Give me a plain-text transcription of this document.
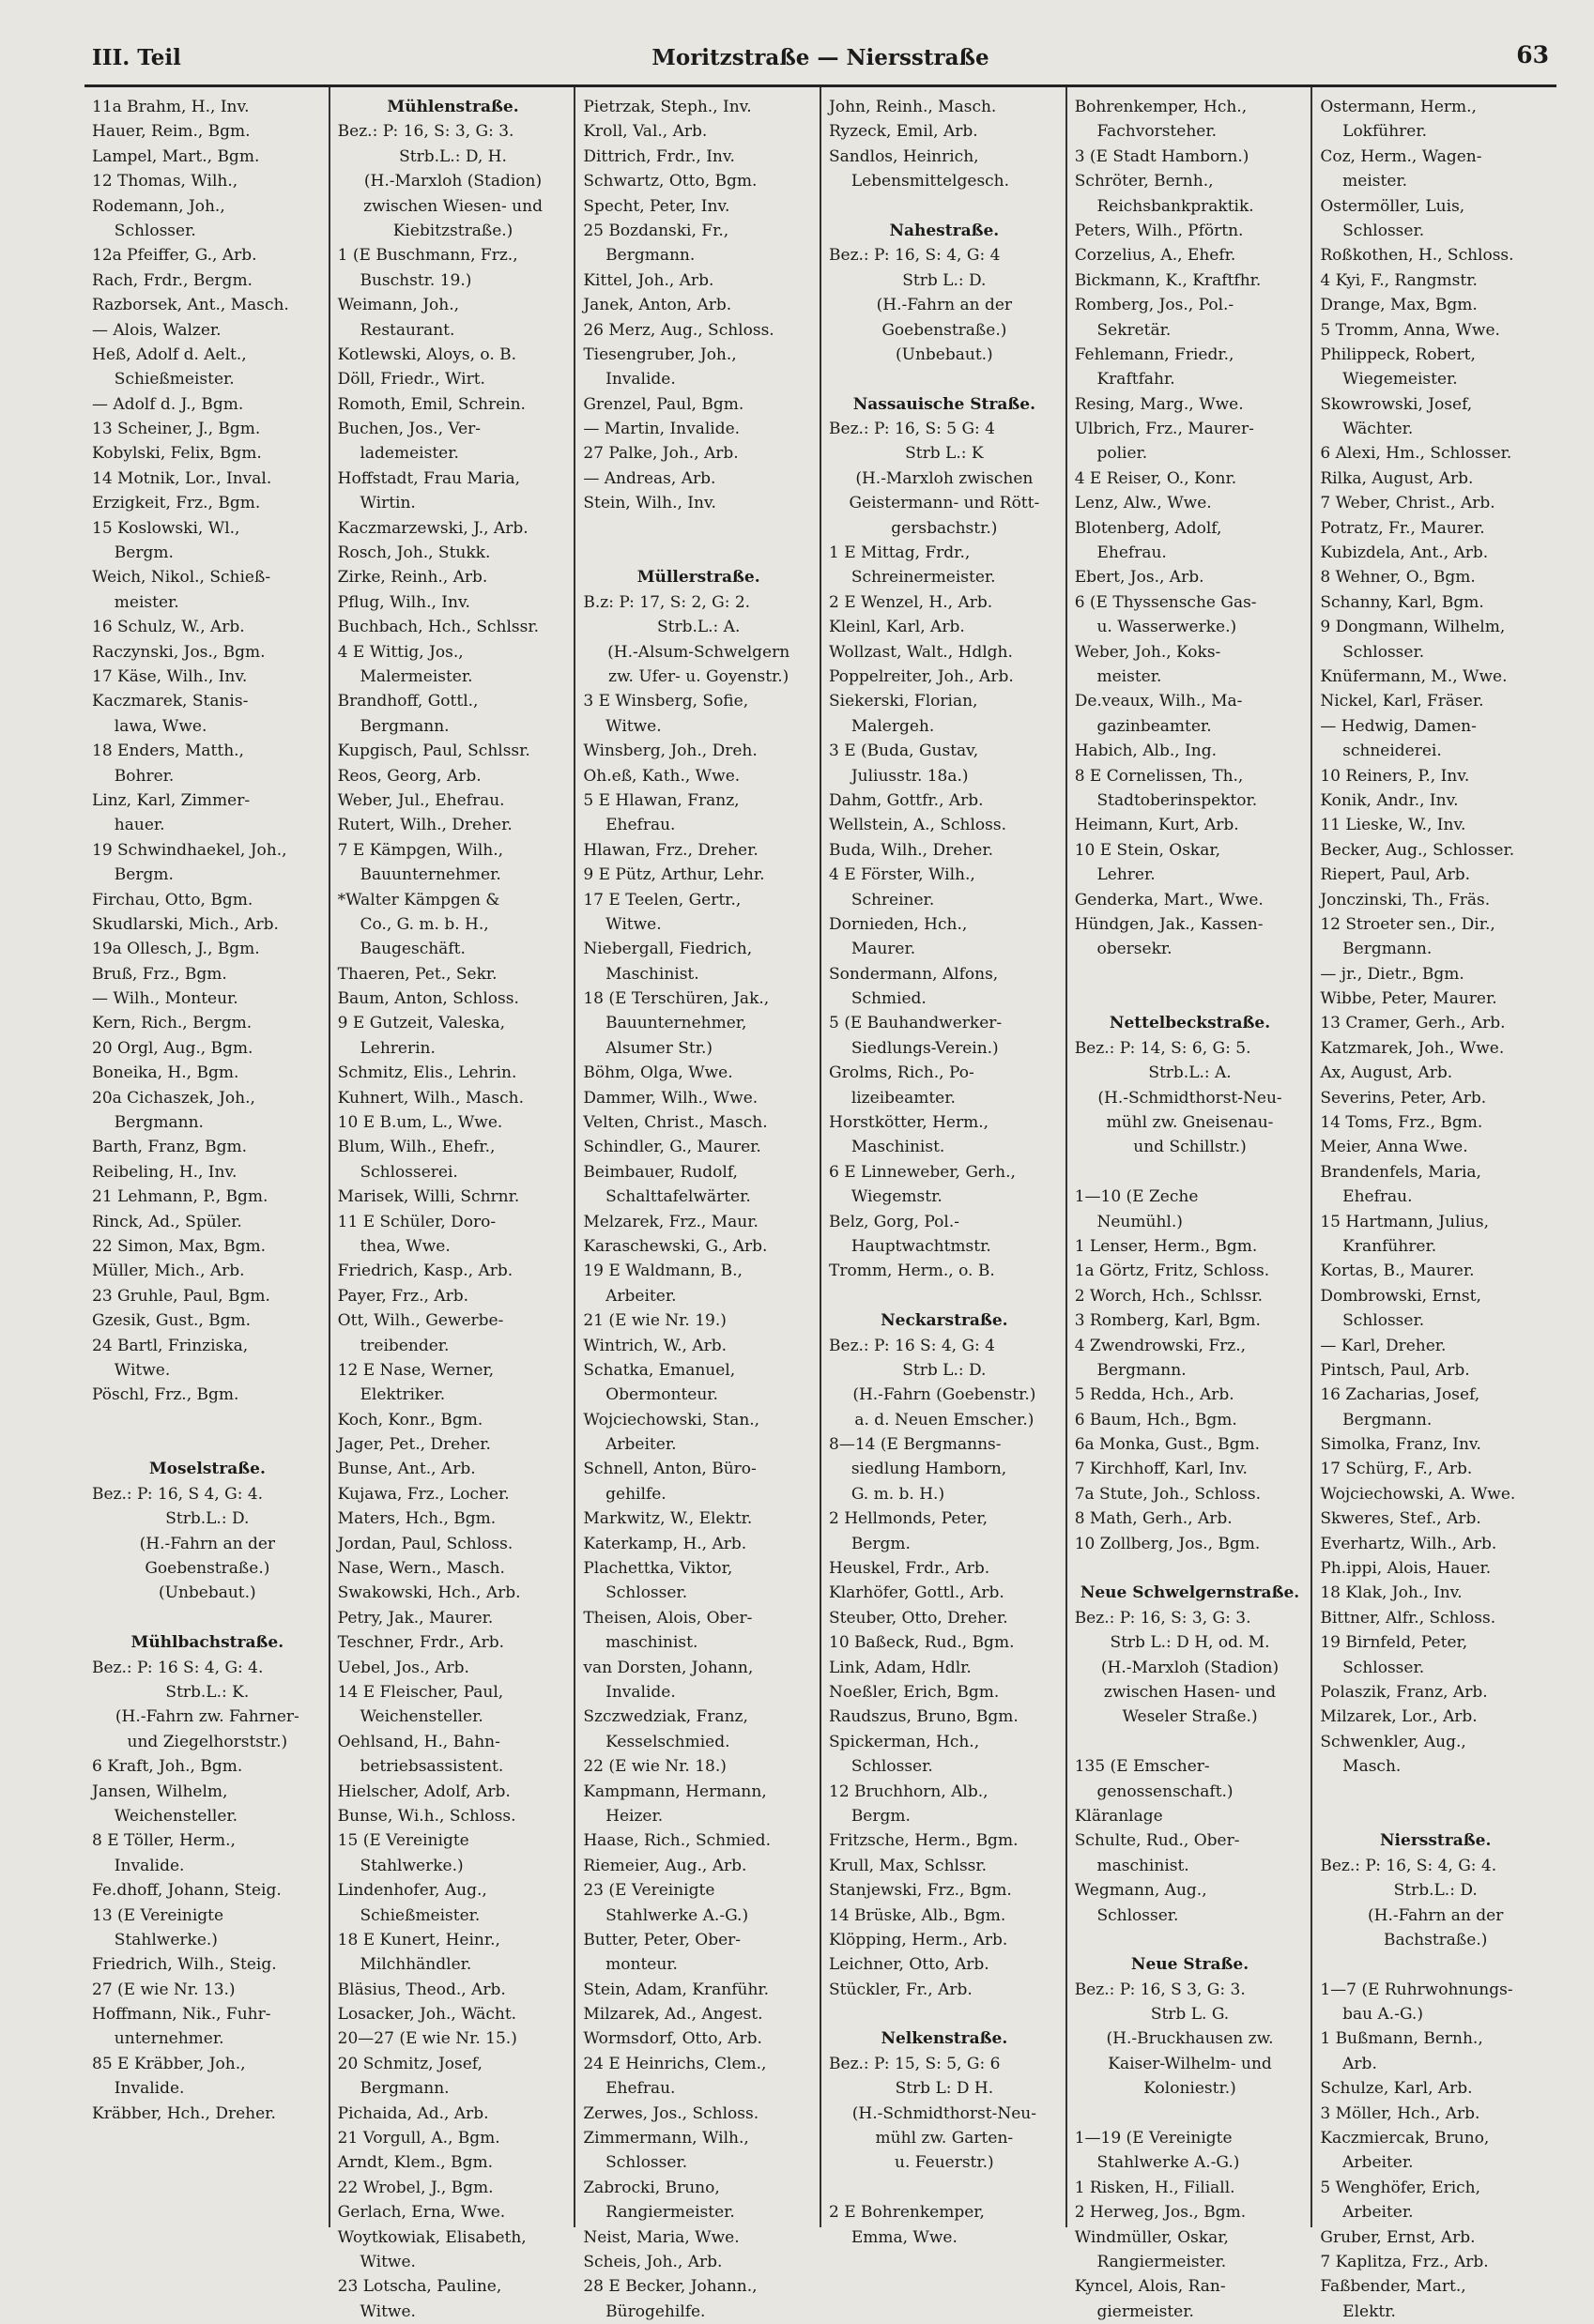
III. Teil	Moritzstraße — Niersstraße	63
11a Brahm, H., Inv.
Hauer, Reim., Bgm.
Lampel, Mart., Bgm.
12 Thomas, Wilh.,
Rodemann, Joh.,
Schlosser.
12a Pfeiffer, G., Arb.
Rach, Frdr., Bergm.
Razborsek, Ant., Masch.
— Alois, Walzer.
Heß, Adolf d. Aelt.,
Schießmeister.
— Adolf d. J., Bgm.
13 Scheiner, J., Bgm.
Kobylski, Felix, Bgm.
14 Motnik, Lor., Inval.
Erzigkeit, Frz., Bgm.
15 Koslowski, Wl.,
Bergm.
Weich, Nikol., Schieß-
meister.
16 Schulz, W., Arb.
Raczynski, Jos., Bgm.
17 Käse, Wilh., Inv.
Kaczmarek, Stanis-
lawa, Wwe.
18 Enders, Matth.,
Bohrer.
Linz, Karl, Zimmer-
hauer.
19 Schwindhaekel, Joh.,
Bergm.
Firchau, Otto, Bgm.
Skudlarski, Mich., Arb.
19a Ollesch, J., Bgm.
Bruß, Frz., Bgm.
— Wilh., Monteur.
Kern, Rich., Bergm.
20 Orgl, Aug., Bgm.
Boneika, H., Bgm.
20a Cichaszek, Joh.,
Bergmann.
Barth, Franz, Bgm.
Reibeling, H., Inv.
21 Lehmann, P., Bgm.
Rinck, Ad., Spüler.
22 Simon, Max, Bgm.
Müller, Mich., Arb.
23 Gruhle, Paul, Bgm.
Gzesik, Gust., Bgm.
24 Bartl, Frinziska,
Witwe.
Pöschl, Frz., Bgm.
Moselstraße.
Bez.: P: 16, S 4, G: 4.
Strb.L.: D.
(H.-Fahrn an der
Goebenstraße.)
(Unbebaut.)
Mühlbachstraße.
Bez.: P: 16 S: 4, G: 4.
Strb.L.: K.
(H.-Fahrn zw. Fahrner-
und Ziegelhorststr.)
6 Kraft, Joh., Bgm.
Jansen, Wilhelm,
Weichensteller.
8 E Töller, Herm.,
Invalide.
Fe.dhoff, Johann, Steig.
13 (E Vereinigte
Stahlwerke.)
Friedrich, Wilh., Steig.
27 (E wie Nr. 13.)
Hoffmann, Nik., Fuhr-
unternehmer.
85 E Kräbber, Joh.,
Invalide.
Kräbber, Hch., Dreher.
Mühlenstraße.
Bez.: P: 16, S: 3, G: 3.
Strb.L.: D, H.
(H.-Marxloh (Stadion)
zwischen Wiesen- und
Kiebitzstraße.)
1 (E Buschmann, Frz.,
Buschstr. 19.)
Weimann, Joh.,
Restaurant.
Kotlewski, Aloys, o. B.
Döll, Friedr., Wirt.
Romoth, Emil, Schrein.
Buchen, Jos., Ver-
lademeister.
Hoffstadt, Frau Maria,
Wirtin.
Kaczmarzewski, J., Arb.
Rosch, Joh., Stukk.
Zirke, Reinh., Arb.
Pflug, Wilh., Inv.
Buchbach, Hch., Schlssr.
4 E Wittig, Jos.,
Malermeister.
Brandhoff, Gottl.,
Bergmann.
Kupgisch, Paul, Schlssr.
Reos, Georg, Arb.
Weber, Jul., Ehefrau.
Rutert, Wilh., Dreher.
7 E Kämpgen, Wilh.,
Bauunternehmer.
*Walter Kämpgen &
Co., G. m. b. H.,
Baugeschäft.
Thaeren, Pet., Sekr.
Baum, Anton, Schloss.
9 E Gutzeit, Valeska,
Lehrerin.
Schmitz, Elis., Lehrin.
Kuhnert, Wilh., Masch.
10 E B.um, L., Wwe.
Blum, Wilh., Ehefr.,
Schlosserei.
Marisek, Willi, Schrnr.
11 E Schüler, Doro-
thea, Wwe.
Friedrich, Kasp., Arb.
Payer, Frz., Arb.
Ott, Wilh., Gewerbe-
treibender.
12 E Nase, Werner,
Elektriker.
Koch, Konr., Bgm.
Jager, Pet., Dreher.
Bunse, Ant., Arb.
Kujawa, Frz., Locher.
Maters, Hch., Bgm.
Jordan, Paul, Schloss.
Nase, Wern., Masch.
Swakowski, Hch., Arb.
Petry, Jak., Maurer.
Teschner, Frdr., Arb.
Uebel, Jos., Arb.
14 E Fleischer, Paul,
Weichensteller.
Oehlsand, H., Bahn-
betriebsassistent.
Hielscher, Adolf, Arb.
Bunse, Wi.h., Schloss.
15 (E Vereinigte
Stahlwerke.)
Lindenhofer, Aug.,
Schießmeister.
18 E Kunert, Heinr.,
Milchhändler.
Bläsius, Theod., Arb.
Losacker, Joh., Wächt.
20—27 (E wie Nr. 15.)
20 Schmitz, Josef,
Bergmann.
Pichaida, Ad., Arb.
21 Vorgull, A., Bgm.
Arndt, Klem., Bgm.
22 Wrobel, J., Bgm.
Gerlach, Erna, Wwe.
Woytkowiak, Elisabeth,
Witwe.
23 Lotscha, Pauline,
Witwe.
Pietrzak, Steph., Inv.
Kroll, Val., Arb.
Dittrich, Frdr., Inv.
Schwartz, Otto, Bgm.
Specht, Peter, Inv.
25 Bozdanski, Fr.,
Bergmann.
Kittel, Joh., Arb.
Janek, Anton, Arb.
26 Merz, Aug., Schloss.
Tiesengruber, Joh.,
Invalide.
Grenzel, Paul, Bgm.
— Martin, Invalide.
27 Palke, Joh., Arb.
— Andreas, Arb.
Stein, Wilh., Inv.
Müllerstraße.
B.z: P: 17, S: 2, G: 2.
Strb.L.: A.
(H.-Alsum-Schwelgern
zw. Ufer- u. Goyenstr.)
3 E Winsberg, Sofie,
Witwe.
Winsberg, Joh., Dreh.
Oh.eß, Kath., Wwe.
5 E Hlawan, Franz,
Ehefrau.
Hlawan, Frz., Dreher.
9 E Pütz, Arthur, Lehr.
17 E Teelen, Gertr.,
Witwe.
Niebergall, Fiedrich,
Maschinist.
18 (E Terschüren, Jak.,
Bauunternehmer,
Alsumer Str.)
Böhm, Olga, Wwe.
Dammer, Wilh., Wwe.
Velten, Christ., Masch.
Schindler, G., Maurer.
Beimbauer, Rudolf,
Schalttafelwärter.
Melzarek, Frz., Maur.
Karaschewski, G., Arb.
19 E Waldmann, B.,
Arbeiter.
21 (E wie Nr. 19.)
Wintrich, W., Arb.
Schatka, Emanuel,
Obermonteur.
Wojciechowski, Stan.,
Arbeiter.
Schnell, Anton, Büro-
gehilfe.
Markwitz, W., Elektr.
Katerkamp, H., Arb.
Plachettka, Viktor,
Schlosser.
Theisen, Alois, Ober-
maschinist.
van Dorsten, Johann,
Invalide.
Szczwedziak, Franz,
Kesselschmied.
22 (E wie Nr. 18.)
Kampmann, Hermann,
Heizer.
Haase, Rich., Schmied.
Riemeier, Aug., Arb.
23 (E Vereinigte
Stahlwerke A.-G.)
Butter, Peter, Ober-
monteur.
Stein, Adam, Kranführ.
Milzarek, Ad., Angest.
Wormsdorf, Otto, Arb.
24 E Heinrichs, Clem.,
Ehefrau.
Zerwes, Jos., Schloss.
Zimmermann, Wilh.,
Schlosser.
Zabrocki, Bruno,
Rangiermeister.
Neist, Maria, Wwe.
Scheis, Joh., Arb.
28 E Becker, Johann.,
Bürogehilfe.
John, Reinh., Masch.
Ryzeck, Emil, Arb.
Sandlos, Heinrich,
Lebensmittelgesch.
Nahestraße.
Bez.: P: 16, S: 4, G: 4
Strb L.: D.
(H.-Fahrn an der
Goebenstraße.)
(Unbebaut.)
Nassauische Straße.
Bez.: P: 16, S: 5 G: 4
Strb L.: K
(H.-Marxloh zwischen
Geistermann- und Rött-
gersbachstr.)
1 E Mittag, Frdr.,
Schreinermeister.
2 E Wenzel, H., Arb.
Kleinl, Karl, Arb.
Wollzast, Walt., Hdlgh.
Poppelreiter, Joh., Arb.
Siekerski, Florian,
Malergeh.
3 E (Buda, Gustav,
Juliusstr. 18a.)
Dahm, Gottfr., Arb.
Wellstein, A., Schloss.
Buda, Wilh., Dreher.
4 E Förster, Wilh.,
Schreiner.
Dornieden, Hch.,
Maurer.
Sondermann, Alfons,
Schmied.
5 (E Bauhandwerker-
Siedlungs-Verein.)
Grolms, Rich., Po-
lizeibeamter.
Horstkötter, Herm.,
Maschinist.
6 E Linneweber, Gerh.,
Wiegemstr.
Belz, Gorg, Pol.-
Hauptwachtmstr.
Tromm, Herm., o. B.
Neckarstraße.
Bez.: P: 16 S: 4, G: 4
Strb L.: D.
(H.-Fahrn (Goebenstr.)
a. d. Neuen Emscher.)
8—14 (E Bergmanns-
siedlung Hamborn,
G. m. b. H.)
2 Hellmonds, Peter,
Bergm.
Heuskel, Frdr., Arb.
Klarhöfer, Gottl., Arb.
Steuber, Otto, Dreher.
10 Baßeck, Rud., Bgm.
Link, Adam, Hdlr.
Noeßler, Erich, Bgm.
Raudszus, Bruno, Bgm.
Spickerman, Hch.,
Schlosser.
12 Bruchhorn, Alb.,
Bergm.
Fritzsche, Herm., Bgm.
Krull, Max, Schlssr.
Stanjewski, Frz., Bgm.
14 Brüske, Alb., Bgm.
Klöpping, Herm., Arb.
Leichner, Otto, Arb.
Stückler, Fr., Arb.
Nelkenstraße.
Bez.: P: 15, S: 5, G: 6
Strb L: D H.
(H.-Schmidthorst-Neu-
mühl zw. Garten-
u. Feuerstr.)
2 E Bohrenkemper,
Emma, Wwe.
Bohrenkemper, Hch.,
Fachvorsteher.
3 (E Stadt Hamborn.)
Schröter, Bernh.,
Reichsbankpraktik.
Peters, Wilh., Pförtn.
Corzelius, A., Ehefr.
Bickmann, K., Kraftfhr.
Romberg, Jos., Pol.-
Sekretär.
Fehlemann, Friedr.,
Kraftfahr.
Resing, Marg., Wwe.
Ulbrich, Frz., Maurer-
polier.
4 E Reiser, O., Konr.
Lenz, Alw., Wwe.
Blotenberg, Adolf,
Ehefrau.
Ebert, Jos., Arb.
6 (E Thyssensche Gas-
u. Wasserwerke.)
Weber, Joh., Koks-
meister.
De.veaux, Wilh., Ma-
gazinbeamter.
Habich, Alb., Ing.
8 E Cornelissen, Th.,
Stadtoberinspektor.
Heimann, Kurt, Arb.
10 E Stein, Oskar,
Lehrer.
Genderka, Mart., Wwe.
Hündgen, Jak., Kassen-
obersekr.
Nettelbeckstraße.
Bez.: P: 14, S: 6, G: 5.
Strb.L.: A.
(H.-Schmidthorst-Neu-
mühl zw. Gneisenau-
und Schillstr.)
1—10 (E Zeche
Neumühl.)
1 Lenser, Herm., Bgm.
1a Görtz, Fritz, Schloss.
2 Worch, Hch., Schlssr.
3 Romberg, Karl, Bgm.
4 Zwendrowski, Frz.,
Bergmann.
5 Redda, Hch., Arb.
6 Baum, Hch., Bgm.
6a Monka, Gust., Bgm.
7 Kirchhoff, Karl, Inv.
7a Stute, Joh., Schloss.
8 Math, Gerh., Arb.
10 Zollberg, Jos., Bgm.
Neue Schwelgernstraße.
Bez.: P: 16, S: 3, G: 3.
Strb L.: D H, od. M.
(H.-Marxloh (Stadion)
zwischen Hasen- und
Weseler Straße.)
135 (E Emscher-
genossenschaft.)
Kläranlage
Schulte, Rud., Ober-
maschinist.
Wegmann, Aug.,
Schlosser.
Neue Straße.
Bez.: P: 16, S 3, G: 3.
Strb L. G.
(H.-Bruckhausen zw.
Kaiser-Wilhelm- und
Koloniestr.)
1—19 (E Vereinigte
Stahlwerke A.-G.)
1 Risken, H., Filiall.
2 Herweg, Jos., Bgm.
Windmüller, Oskar,
Rangiermeister.
Kyncel, Alois, Ran-
giermeister.
Ostermann, Herm.,
Lokführer.
Coz, Herm., Wagen-
meister.
Ostermöller, Luis,
Schlosser.
Roßkothen, H., Schloss.
4 Kyi, F., Rangmstr.
Drange, Max, Bgm.
5 Tromm, Anna, Wwe.
Philippeck, Robert,
Wiegemeister.
Skowrowski, Josef,
Wächter.
6 Alexi, Hm., Schlosser.
Rilka, August, Arb.
7 Weber, Christ., Arb.
Potratz, Fr., Maurer.
Kubizdela, Ant., Arb.
8 Wehner, O., Bgm.
Schanny, Karl, Bgm.
9 Dongmann, Wilhelm,
Schlosser.
Knüfermann, M., Wwe.
Nickel, Karl, Fräser.
— Hedwig, Damen-
schneiderei.
10 Reiners, P., Inv.
Konik, Andr., Inv.
11 Lieske, W., Inv.
Becker, Aug., Schlosser.
Riepert, Paul, Arb.
Jonczinski, Th., Fräs.
12 Stroeter sen., Dir.,
Bergmann.
— jr., Dietr., Bgm.
Wibbe, Peter, Maurer.
13 Cramer, Gerh., Arb.
Katzmarek, Joh., Wwe.
Ax, August, Arb.
Severins, Peter, Arb.
14 Toms, Frz., Bgm.
Meier, Anna Wwe.
Brandenfels, Maria,
Ehefrau.
15 Hartmann, Julius,
Kranführer.
Kortas, B., Maurer.
Dombrowski, Ernst,
Schlosser.
— Karl, Dreher.
Pintsch, Paul, Arb.
16 Zacharias, Josef,
Bergmann.
Simolka, Franz, Inv.
17 Schürg, F., Arb.
Wojciechowski, A. Wwe.
Skweres, Stef., Arb.
Everhartz, Wilh., Arb.
Ph.ippi, Alois, Hauer.
18 Klak, Joh., Inv.
Bittner, Alfr., Schloss.
19 Birnfeld, Peter,
Schlosser.
Polaszik, Franz, Arb.
Milzarek, Lor., Arb.
Schwenkler, Aug.,
Masch.
Niersstraße.
Bez.: P: 16, S: 4, G: 4.
Strb.L.: D.
(H.-Fahrn an der
Bachstraße.)
1—7 (E Ruhrwohnungs-
bau A.-G.)
1 Bußmann, Bernh.,
Arb.
Schulze, Karl, Arb.
3 Möller, Hch., Arb.
Kaczmiercak, Bruno,
Arbeiter.
5 Wenghöfer, Erich,
Arbeiter.
Gruber, Ernst, Arb.
7 Kaplitza, Frz., Arb.
Faßbender, Mart.,
Elektr.
